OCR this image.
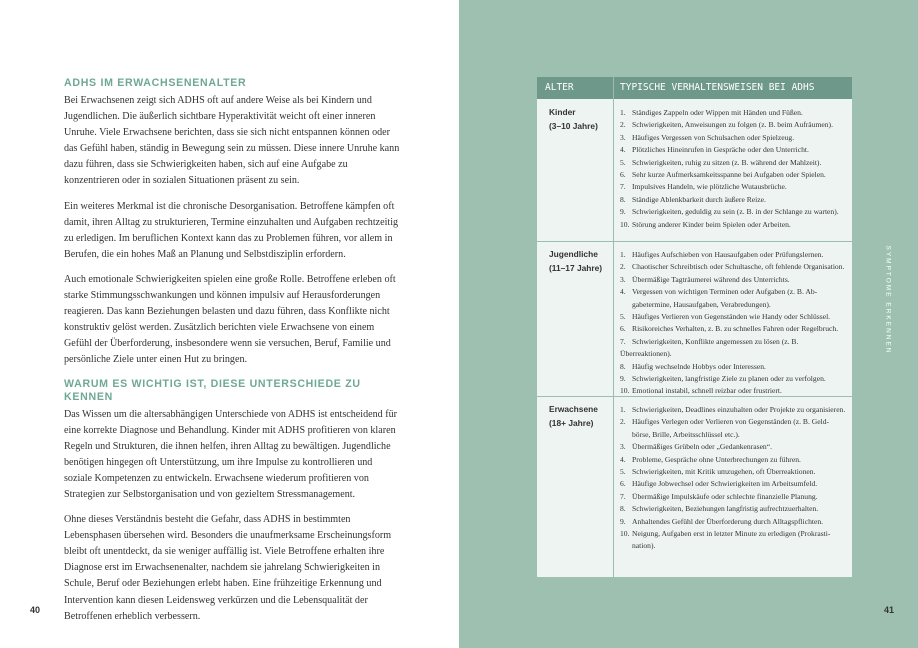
ADHS IM ERWACHSENENALTER

Bei Erwachsenen zeigt sich ADHS oft auf andere Weise als bei Kindern und Jugendlichen. Die äußerlich sichtbare Hyperaktivität weicht oft einer inneren Unruhe. Viele Erwachsene berichten, dass sie sich nicht entspannen können oder das Gefühl haben, ständig in Bewegung sein zu müssen. Diese innere Unruhe kann dazu führen, dass sie Schwierigkeiten haben, sich auf eine Aufgabe zu konzentrieren oder in sozialen Situationen präsent zu sein.

Ein weiteres Merkmal ist die chronische Desorganisation. Betroffene kämpfen oft damit, ihren Alltag zu strukturieren, Termine einzuhalten und Aufgaben rechtzeitig zu erledigen. Im beruflichen Kontext kann das zu Problemen führen, vor allem in Berufen, die ein hohes Maß an Planung und Selbstdisziplin erfordern.

Auch emotionale Schwierigkeiten spielen eine große Rolle. Betroffene erleben oft starke Stimmungsschwankungen und können impulsiv auf Herausforderungen reagieren. Das kann Beziehungen belasten und dazu führen, dass Konflikte nicht konstruktiv gelöst werden. Zusätzlich berichten viele Erwachsene von einem Gefühl der Überforderung, insbesondere wenn sie versuchen, Beruf, Familie und persönliche Ziele unter einen Hut zu bringen.

WARUM ES WICHTIG IST, DIESE UNTERSCHIEDE ZU KENNEN

Das Wissen um die altersabhängigen Unterschiede von ADHS ist entscheidend für eine korrekte Diagnose und Behandlung. Kinder mit ADHS profitieren von klaren Regeln und Strukturen, die ihnen helfen, ihren Alltag zu bewältigen. Jugendliche benötigen hingegen oft Unterstützung, um ihre Impulse zu kontrollieren und soziale Kompetenzen zu entwickeln. Erwachsene wiederum profitieren von Strategien zur Selbstorganisation und von gezieltem Stressmanagement.

Ohne dieses Verständnis besteht die Gefahr, dass ADHS in bestimmten Lebensphasen übersehen wird. Besonders die unaufmerksame Erscheinungsform bleibt oft unentdeckt, da sie weniger auffällig ist. Viele Betroffene erhalten ihre Diagnose erst im Erwachsenenalter, nachdem sie jahrelang Schwierigkeiten in Schule, Beruf oder Beziehungen erlebt haben. Eine frühzeitige Erkennung und Intervention kann diesen Leidensweg verkürzen und die Lebensqualität der Betroffenen erheblich verbessern.

40	41
SYMPTOME ERKENNEN
ALTER	TYPISCHE VERHALTENSWEISEN BEI ADHS
Kinder
(3–10 Jahre)
1. Ständiges Zappeln oder Wippen mit Händen und Füßen.
2. Schwierigkeiten, Anweisungen zu folgen (z. B. beim Aufräumen).
3. Häufiges Vergessen von Schulsachen oder Spielzeug.
4. Plötzliches Hineinrufen in Gespräche oder den Unterricht.
5. Schwierigkeiten, ruhig zu sitzen (z. B. während der Mahlzeit).
6. Sehr kurze Aufmerksamkeitsspanne bei Aufgaben oder Spielen.
7. Impulsives Handeln, wie plötzliche Wutausbrüche.
8. Ständige Ablenkbarkeit durch äußere Reize.
9. Schwierigkeiten, geduldig zu sein (z. B. in der Schlange zu warten).
10. Störung anderer Kinder beim Spielen oder Arbeiten.
Jugendliche
(11–17 Jahre)
1. Häufiges Aufschieben von Hausaufgaben oder Prüfungslernen.
2. Chaotischer Schreibtisch oder Schultasche, oft fehlende Organisation.
3. Übermäßige Tagträumerei während des Unterrichts.
4. Vergessen von wichtigen Terminen oder Aufgaben (z. B. Ab-
gabetermine, Hausaufgaben, Verabredungen).
5. Häufiges Verlieren von Gegenständen wie Handy oder Schlüssel.
6. Risikoreiches Verhalten, z. B. zu schnelles Fahren oder Regelbruch.
7. Schwierigkeiten, Konflikte angemessen zu lösen (z. B. Überreaktionen).
8. Häufig wechselnde Hobbys oder Interessen.
9. Schwierigkeiten, langfristige Ziele zu planen oder zu verfolgen.
10. Emotional instabil, schnell reizbar oder frustriert.
Erwachsene
(18+ Jahre)
1. Schwierigkeiten, Deadlines einzuhalten oder Projekte zu organisieren.
2. Häufiges Verlegen oder Verlieren von Gegenständen (z. B. Geld-
börse, Brille, Arbeitsschlüssel etc.).
3. Übermäßiges Grübeln oder „Gedankenrasen“.
4. Probleme, Gespräche ohne Unterbrechungen zu führen.
5. Schwierigkeiten, mit Kritik umzugehen, oft Überreaktionen.
6. Häufige Jobwechsel oder Schwierigkeiten im Arbeitsumfeld.
7. Übermäßige Impulskäufe oder schlechte finanzielle Planung.
8. Schwierigkeiten, Beziehungen langfristig aufrechtzuerhalten.
9. Anhaltendes Gefühl der Überforderung durch Alltagspflichten.
10. Neigung, Aufgaben erst in letzter Minute zu erledigen (Prokrasti-
nation).
